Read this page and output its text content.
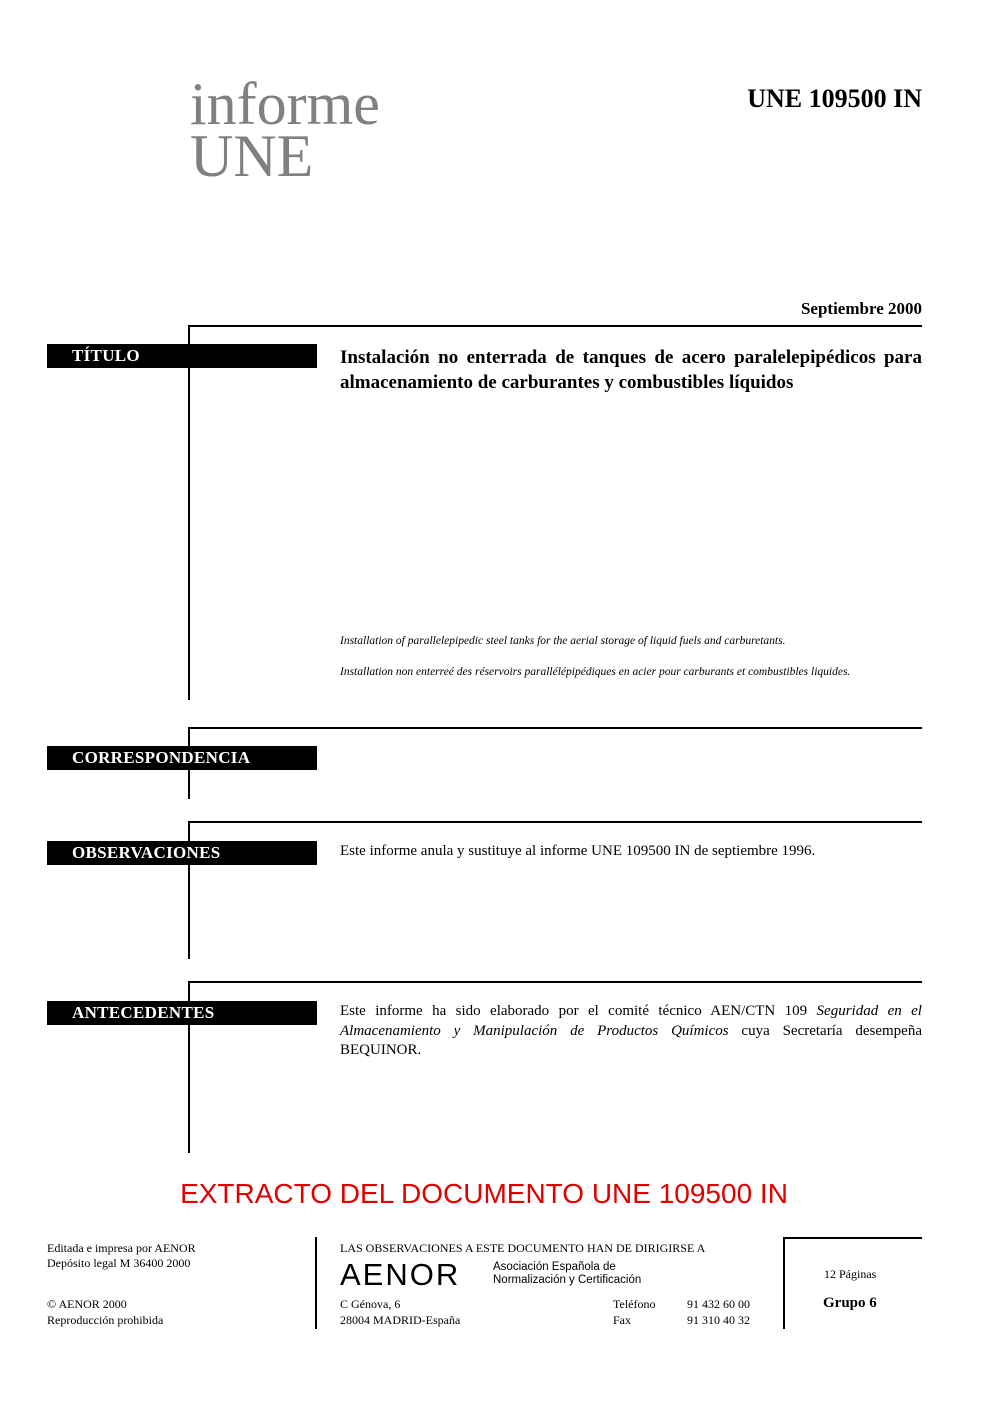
informe
UNE
UNE 109500 IN
Septiembre 2000
TÍTULO	Instalación no enterrada de tanques de acero paralelepipédicos para almacenamiento de carburantes y combustibles líquidos
Installation of parallelepipedic steel tanks for the aerial storage of liquid fuels and carburetants.
Installation non enterreé des réservoirs parallélépipédiques en acier pour carburants et combustibles liquides.
CORRESPONDENCIA
OBSERVACIONES	Este informe anula y sustituye al informe UNE 109500 IN de septiembre 1996.
ANTECEDENTES	Este informe ha sido elaborado por el comité técnico AEN/CTN 109 Seguridad en el Almacenamiento y Manipulación de Productos Químicos cuya Secretaría desempeña BEQUINOR.
EXTRACTO DEL DOCUMENTO UNE 109500 IN
Editada e impresa por AENOR
Depósito legal M 36400 2000
© AENOR 2000
Reproducción prohibida
LAS OBSERVACIONES A ESTE DOCUMENTO HAN DE DIRIGIRSE A
AENOR	Asociación Española de
Normalización y Certificación
C Génova, 6
28004 MADRID-España
Teléfono	91 432 60 00
Fax	91 310 40 32
12 Páginas
Grupo 6
